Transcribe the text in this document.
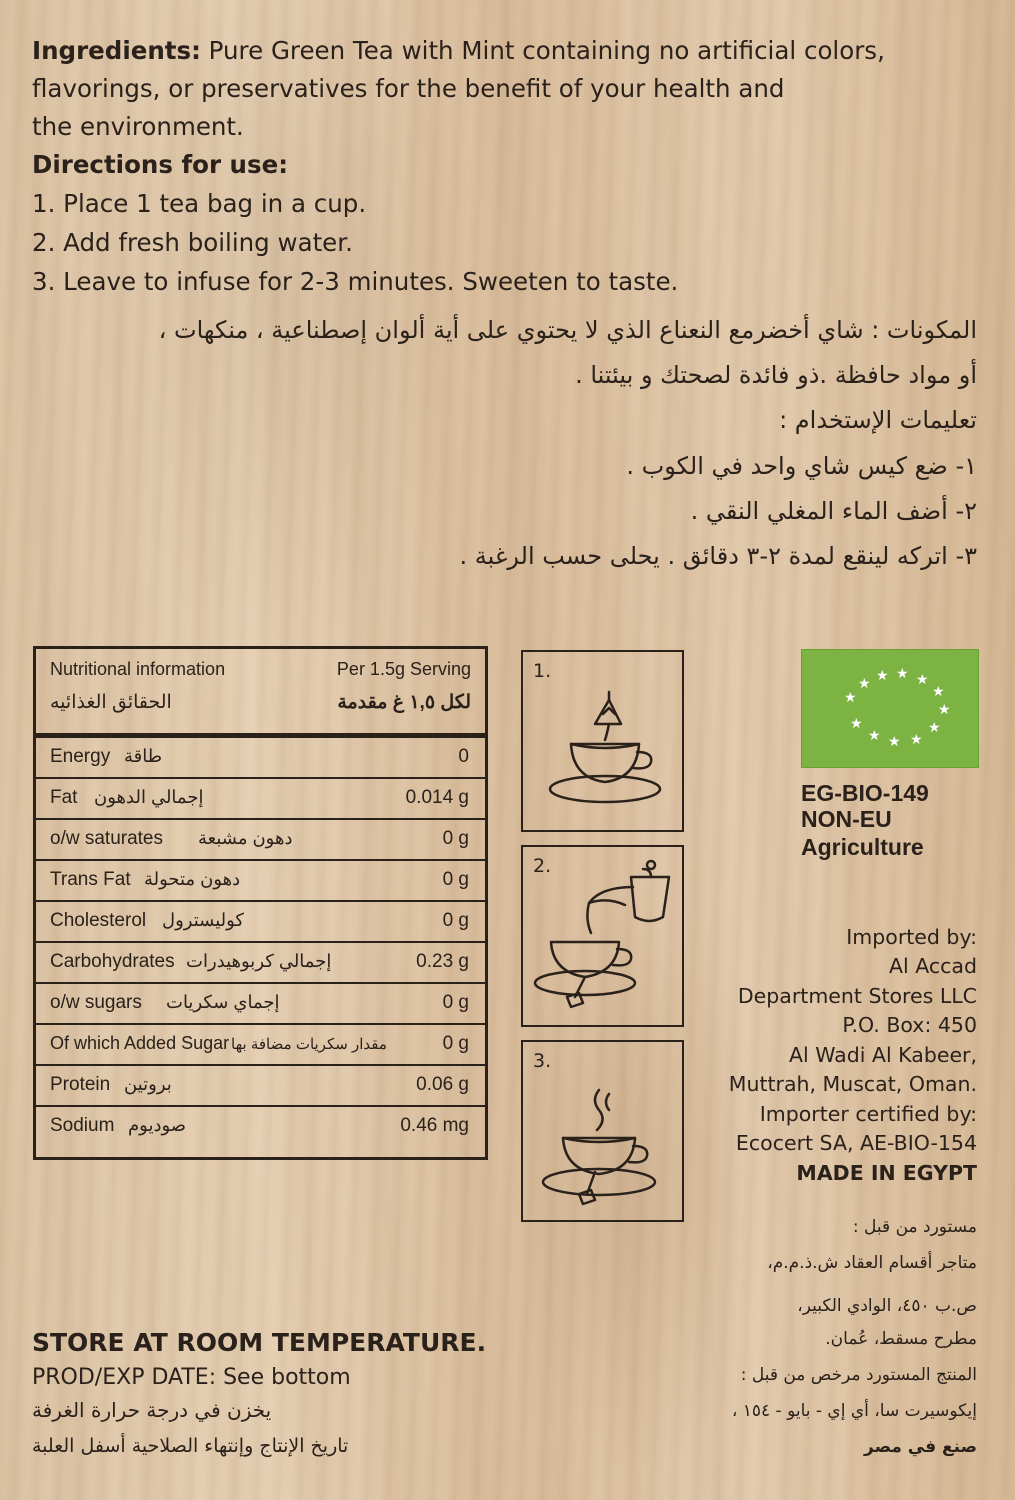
Ingredients: Pure Green Tea with Mint containing no artificial colors,
flavorings, or preservatives for the benefit of your health and
the environment.
Directions for use:
1. Place 1 tea bag in a cup.
2. Add fresh boiling water.
3. Leave to infuse for 2-3 minutes. Sweeten to taste.
المكونات : شاي أخضرمع النعناع الذي لا يحتوي على أية ألوان إصطناعية ، منكهات ،
أو مواد حافظة .ذو فائدة لصحتك و بيئتنا .
تعليمات الإستخدام :
١- ضع كيس شاي واحد في الكوب .
٢- أضف الماء المغلي النقي .
٣- اتركه لينقع لمدة ٢-٣ دقائق . يحلى حسب الرغبة .
Nutritional information	Per 1.5g Serving
الحقائق الغذائيه	لكل ١,٥ غ مقدمة
Energy طاقة	0
Fat إجمالي الدهون	0.014 g
o/w saturates دهون مشبعة	0 g
Trans Fat دهون متحولة	0 g
Cholesterol كوليسترول	0 g
Carbohydrates إجمالي كربوهيدرات	0.23 g
o/w sugars إجماي سكريات	0 g
Of which Added Sugar مقدار سكريات مضافة بها	0 g
Protein بروتين	0.06 g
Sodium صوديوم	0.46 mg
1.
2.
3.
★
★ ★ ★ ★
★
★
★
★
★
★
★
EG-BIO-149
NON-EU
Agriculture
Imported by:
Al Accad
Department Stores LLC
P.O. Box: 450
Al Wadi Al Kabeer,
Muttrah, Muscat, Oman.
Importer certified by:
Ecocert SA, AE-BIO-154
MADE IN EGYPT
مستورد من قبل :
متاجر أقسام العقاد ش.ذ.م.م،
ص.ب ٤٥٠، الوادي الكبير،
مطرح مسقط، عُمان.
المنتج المستورد مرخص من قبل :
إيكوسيرت سا، أي إي - بايو - ١٥٤ ،
صنع في مصر
STORE AT ROOM TEMPERATURE.
PROD/EXP DATE: See bottom
يخزن في درجة حرارة الغرفة
تاريخ الإنتاج وإنتهاء الصلاحية أسفل العلبة
